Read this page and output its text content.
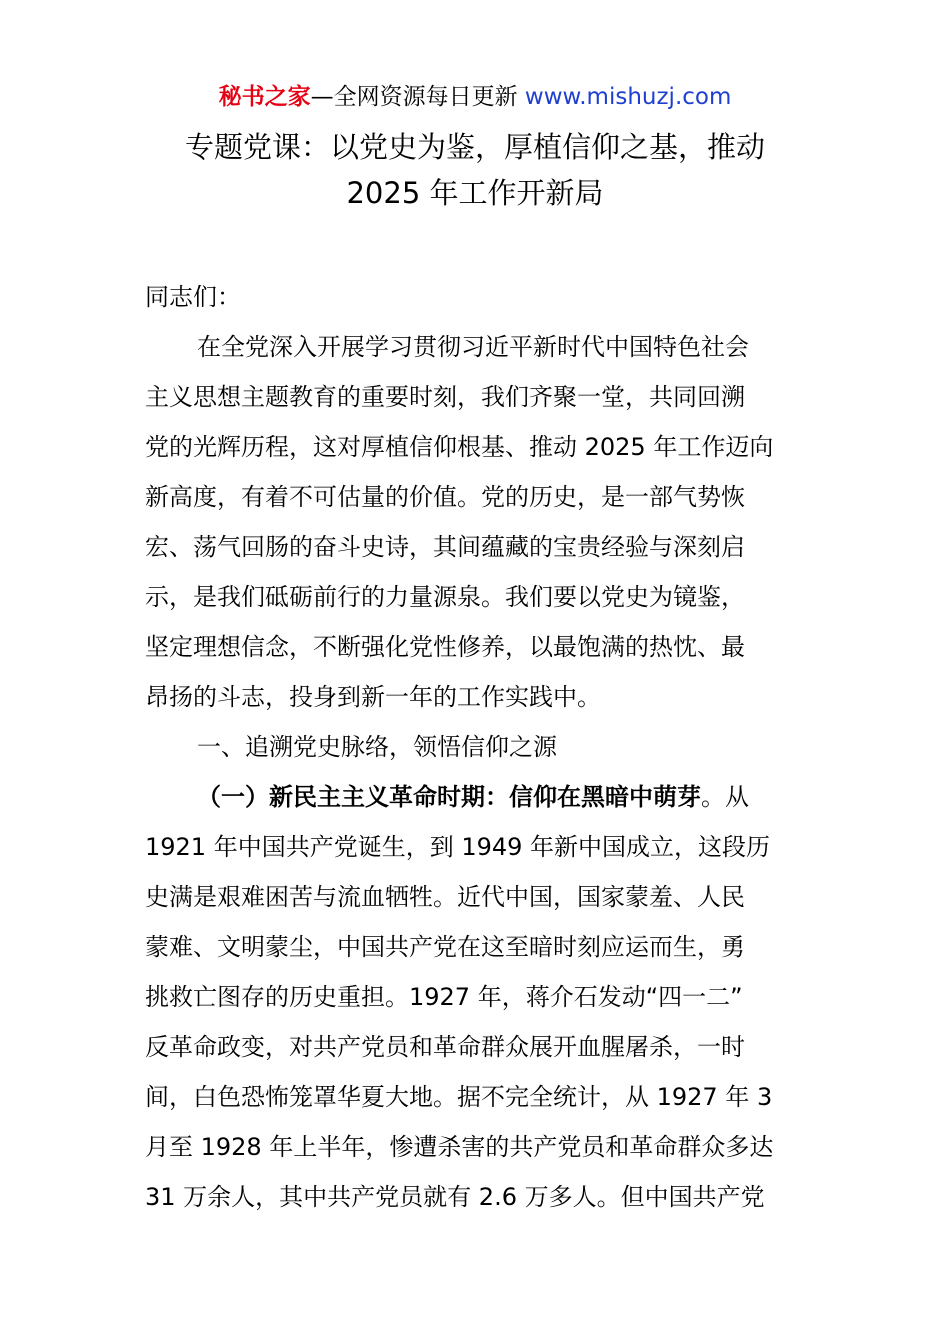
秘书之家—全网资源每日更新 www.mishuzj.com
专题党课：以党史为鉴，厚植信仰之基，推动
2025 年工作开新局
同志们：
在全党深入开展学习贯彻习近平新时代中国特色社会
主义思想主题教育的重要时刻，我们齐聚一堂，共同回溯
党的光辉历程，这对厚植信仰根基、推动 2025 年工作迈向
新高度，有着不可估量的价值。党的历史，是一部气势恢
宏、荡气回肠的奋斗史诗，其间蕴藏的宝贵经验与深刻启
示，是我们砥砺前行的力量源泉。我们要以党史为镜鉴，
坚定理想信念，不断强化党性修养，以最饱满的热忱、最
昂扬的斗志，投身到新一年的工作实践中。
一、追溯党史脉络，领悟信仰之源
（一）新民主主义革命时期：信仰在黑暗中萌芽。从
1921 年中国共产党诞生，到 1949 年新中国成立，这段历
史满是艰难困苦与流血牺牲。近代中国，国家蒙羞、人民
蒙难、文明蒙尘，中国共产党在这至暗时刻应运而生，勇
挑救亡图存的历史重担。1927 年，蒋介石发动“四一二”
反革命政变，对共产党员和革命群众展开血腥屠杀，一时
间，白色恐怖笼罩华夏大地。据不完全统计，从 1927 年 3
月至 1928 年上半年，惨遭杀害的共产党员和革命群众多达
31 万余人，其中共产党员就有 2.6 万多人。但中国共产党
